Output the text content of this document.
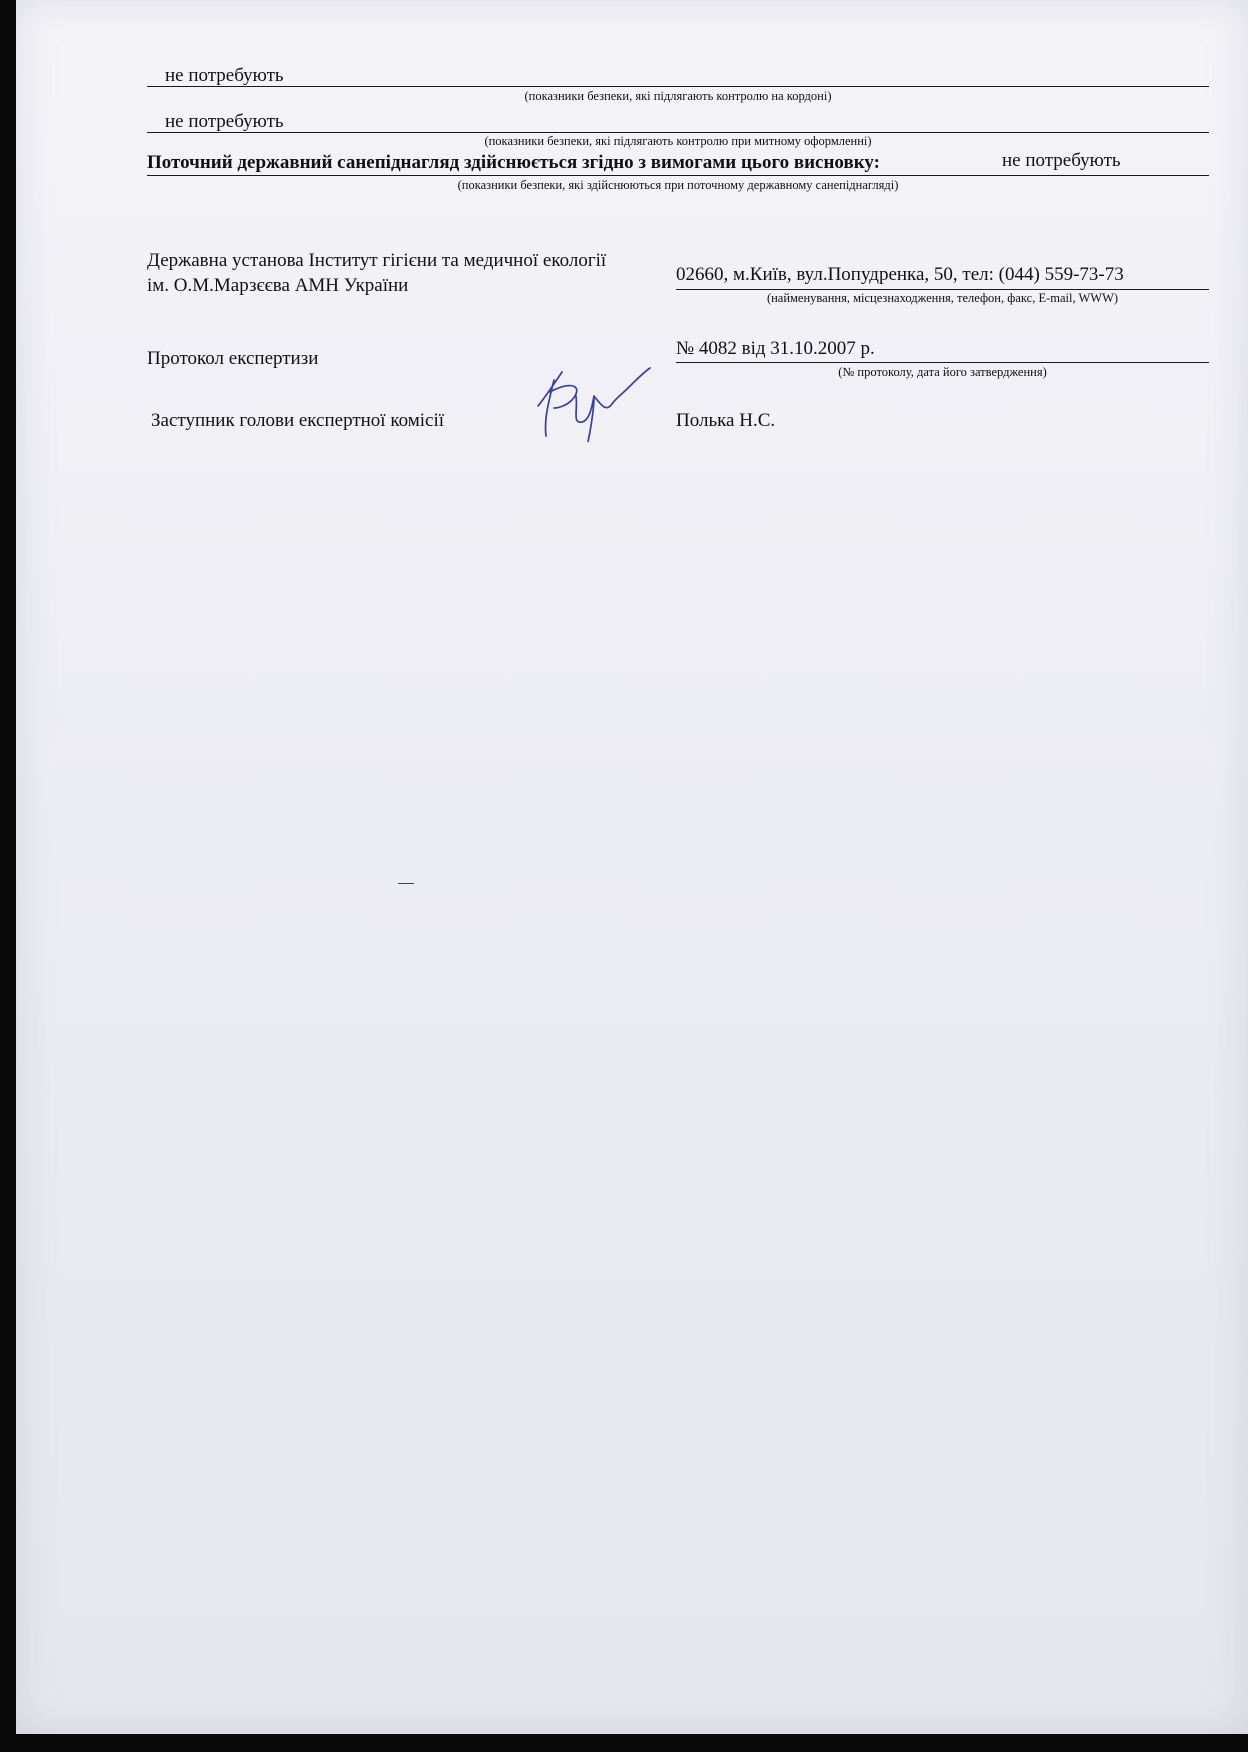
не потребують
(показники безпеки, які підлягають контролю на кордоні)
не потребують
(показники безпеки, які підлягають контролю при митному оформленні)
Поточний державний санепіднагляд здійснюється згідно з вимогами цього висновку:	не потребують
(показники безпеки, які здійснюються при поточному державному санепіднагляді)
Державна установа Інститут гігієни та медичної екології
ім. О.М.Марзєєва АМН України
02660, м.Київ, вул.Попудренка, 50, тел: (044) 559-73-73
(найменування, місцезнаходження, телефон, факс, E-mail, WWW)
Протокол експертизи	№ 4082 від 31.10.2007 р.
(№ протоколу, дата його затвердження)
Заступник голови експертної комісії	Полька Н.С.
